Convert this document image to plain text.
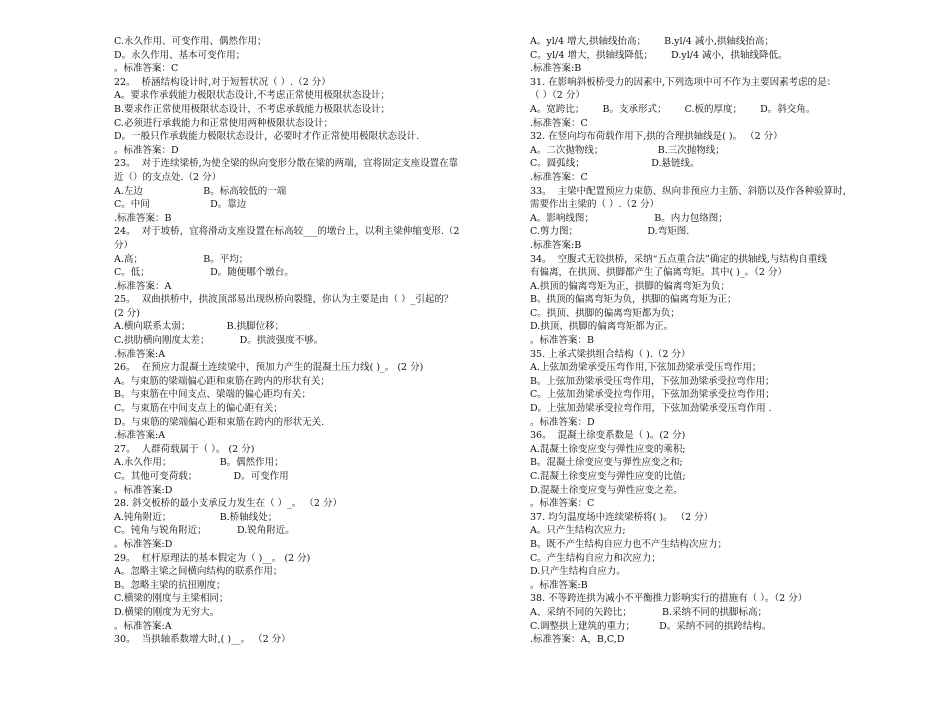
C.永久作用、可变作用、偶然作用；
D。永久作用、基本可变作用；
。标准答案：C
22。  桥涵结构设计时,对于短暂状况（ ）.（2 分）
A。要求作承载能力极限状态设计,不考虑正常使用极限状态设计；
B.要求作正常使用极限状态设计，不考虑承载能力极限状态设计；
C.必须进行承载能力和正常使用两种极限状态设计；
D。一般只作承载能力极限状态设计，必要时才作正常使用极限状态设计.
。标准答案：D
23。  对于连续梁桥,为使全梁的纵向变形分散在梁的两端，宜将固定支座设置在靠
近（）的支点处.（2 分）
A.左边                    B。标高较低的一端
C。中间                    D。靠边
.标准答案：B
24。  对于坡桥，宜将滑动支座设置在标高较___的墩台上，以利主梁伸缩变形.（2
分）
A.高；                    B。平均；
C。低；                    D。随便哪个墩台。
.标准答案：A
25。  双曲拱桥中，拱波顶部易出现纵桥向裂缝，你认为主要是由（ ）_引起的？
(2 分)
A.横向联系太弱；            B.拱脚位移；
C.拱肋横向刚度太差；          D。拱波强度不够。
.标准答案:A
26。  在预应力混凝土连续梁中，预加力产生的混凝土压力线( )_。 (2 分)
A。与束筋的梁端偏心距和束筋在跨内的形状有关；
B。与束筋在中间支点、梁端的偏心距均有关；
C。与束筋在中间支点上的偏心距有关；
D。与束筋的梁端偏心距和束筋在跨内的形状无关.
.标准答案:A
27。  人群荷载属于（ ）。 (2 分)
A.永久作用；                B。偶然作用；
C。其他可变荷载；            D。可变作用
。标准答案:D
28. 斜交板桥的最小支承反力发生在（ ）_。 （2 分）
A.钝角附近；                B.桥轴线处；
C。钝角与锐角附近；          D.锐角附近。
。标准答案:D
29。  杠杆原理法的基本假定为（ )__。 (2 分)
A。忽略主梁之间横向结构的联系作用；
B。忽略主梁的抗扭刚度；
C.横梁的刚度与主梁相同；
D.横梁的刚度为无穷大。
。标准答案:A
30。  当拱轴系数增大时,( )__。 （2 分）
A。yl/4 增大,拱轴线抬高；      B.yl/4 减小,拱轴线抬高；
C。yl/4 增大，拱轴线降低；      D.yl/4 减小，拱轴线降低。
.标准答案:B
31. 在影响斜板桥受力的因素中,下列选项中可不作为主要因素考虑的是：
（ ）（2 分）
A。宽跨比；      B。支承形式；      C.板的厚度；      D。斜交角。
.标准答案：C
32. 在竖向均布荷载作用下,拱的合理拱轴线是( )。 （2 分）
A。二次抛物线；                  B.三次抛物线；
C。圆弧线；                      D.悬链线。
.标准答案：C
33。  主梁中配置预应力束筋、纵向非预应力主筋、斜筋以及作各种验算时，
需要作出主梁的（ ）.（2 分）
A。影响线图；                    B。内力包络图；
C.剪力图；                       D.弯矩图.
.标准答案:B
34。  空腹式无铰拱桥，采纳“五点重合法”确定的拱轴线,与结构自重线
有偏离，在拱顶、拱脚都产生了偏离弯矩。其中( )_。（2 分）
A.拱顶的偏离弯矩为正，拱脚的偏离弯矩为负；
B。拱顶的偏离弯矩为负，拱脚的偏离弯矩为正；
C。拱顶、拱脚的偏离弯矩都为负；
D.拱顶、拱脚的偏离弯矩都为正。
。标准答案：B
35. 上承式梁拱组合结构（ ).（2 分）
A.上弦加劲梁承受压弯作用,下弦加劲梁承受压弯作用；
B。上弦加劲梁承受压弯作用，下弦加劲梁承受拉弯作用；
C。上弦加劲梁承受拉弯作用，下弦加劲梁承受拉弯作用；
D。上弦加劲梁承受拉弯作用，下弦加劲梁承受压弯作用 .
。标准答案：D
36。  混凝土徐变系数是（ )。(2 分)
A.混凝土徐变应变与弹性应变的乘积;
B。混凝土徐变应变与弹性应变之和;
C.混凝土徐变应变与弹性应变的比值;
D.混凝土徐变应变与弹性应变之差。
。标准答案：C
37. 均匀温度场中连续梁桥将( )。 （2 分）
A。只产生结构次应力;
B。既不产生结构自应力也不产生结构次应力；
C。产生结构自应力和次应力；
D.只产生结构自应力。
。标准答案:B
38. 不等跨连拱为减小不平衡推力影响实行的措施有（ ）。（2 分）
A、采纳不同的矢跨比；          B.采纳不同的拱脚标高；
C.调整拱上建筑的重力；        D。采纳不同的拱跨结构。
.标准答案：A，B,C,D
